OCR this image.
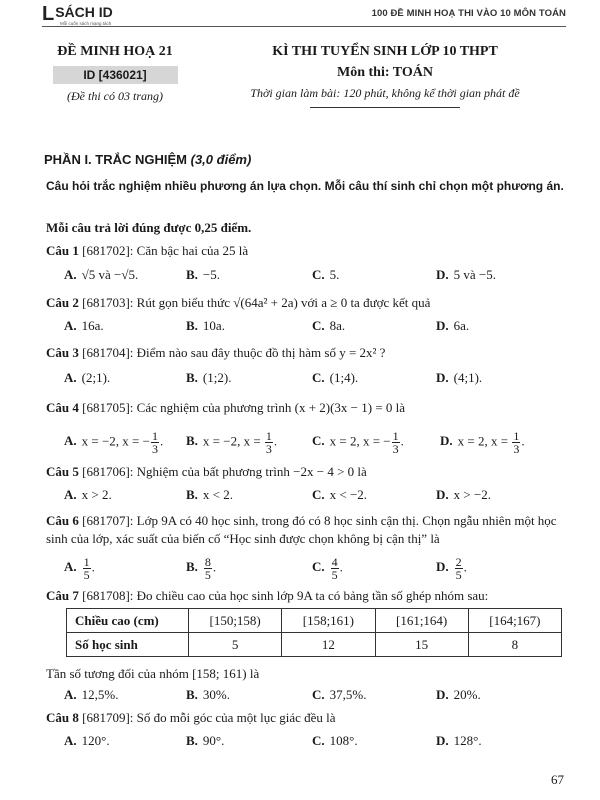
L SÁCH ID
Mỗi cuốn sách mạng tách
100 ĐỀ MINH HOẠ THI VÀO 10 MÔN TOÁN
ĐỀ MINH HOẠ 21
ID [436021]
(Đề thi có 03 trang)
KÌ THI TUYỂN SINH LỚP 10 THPT
Môn thi: TOÁN
Thời gian làm bài: 120 phút, không kể thời gian phát đề
PHẦN I. TRẮC NGHIỆM (3,0 điểm)
Câu hỏi trắc nghiệm nhiều phương án lựa chọn. Mỗi câu thí sinh chỉ chọn một phương án.
Mỗi câu trả lời đúng được 0,25 điểm.
Câu 1 [681702]: Căn bậc hai của 25 là
A. √5 và −√5.	B. −5.	C. 5.	D. 5 và −5.
Câu 2 [681703]: Rút gọn biểu thức √(64a² + 2a) với a ≥ 0 ta được kết quả
A. 16a.	B. 10a.	C. 8a.	D. 6a.
Câu 3 [681704]: Điểm nào sau đây thuộc đồ thị hàm số y = 2x² ?
A. (2;1).	B. (1;2).	C. (1;4).	D. (4;1).
Câu 4 [681705]: Các nghiệm của phương trình (x + 2)(3x − 1) = 0 là
A. x = −2, x = − $\frac{1}{3}$ . B. x = −2, $x = \frac{1}{3}$ .	C. x = 2, x = − $\frac{1}{3}$ .	D. x = 2, $x = \frac{1}{3}$ .
Câu 5 [681706]: Nghiệm của bất phương trình −2x − 4 > 0 là
A. x > 2.	B. x < 2.	C. x < −2.	D. x > −2.
Câu 6 [681707]: Lớp 9A có 40 học sinh, trong đó có 8 học sinh cận thị. Chọn ngẫu nhiên một học sinh của lớp, xác suất của biến cố “Học sinh được chọn không bị cận thị” là
A. $\frac{1}{5}$ .	B. $\frac{8}{5}$ .	C. $\frac{4}{5}$ .	D. $\frac{2}{5}$ .
Câu 7 [681708]: Đo chiều cao của học sinh lớp 9A ta có bảng tần số ghép nhóm sau:
Chiều cao (cm)	[150;158)	[158;161)	[161;164)	[164;167)
Số học sinh	5	12	15	8
Tần số tương đối của nhóm [158; 161) là
A. 12,5%.	B. 30%.	C. 37,5%.	D. 20%.
Câu 8 [681709]: Số đo mỗi góc của một lục giác đều là
A. 120°.	B. 90°.	C. 108°.	D. 128°.
67
